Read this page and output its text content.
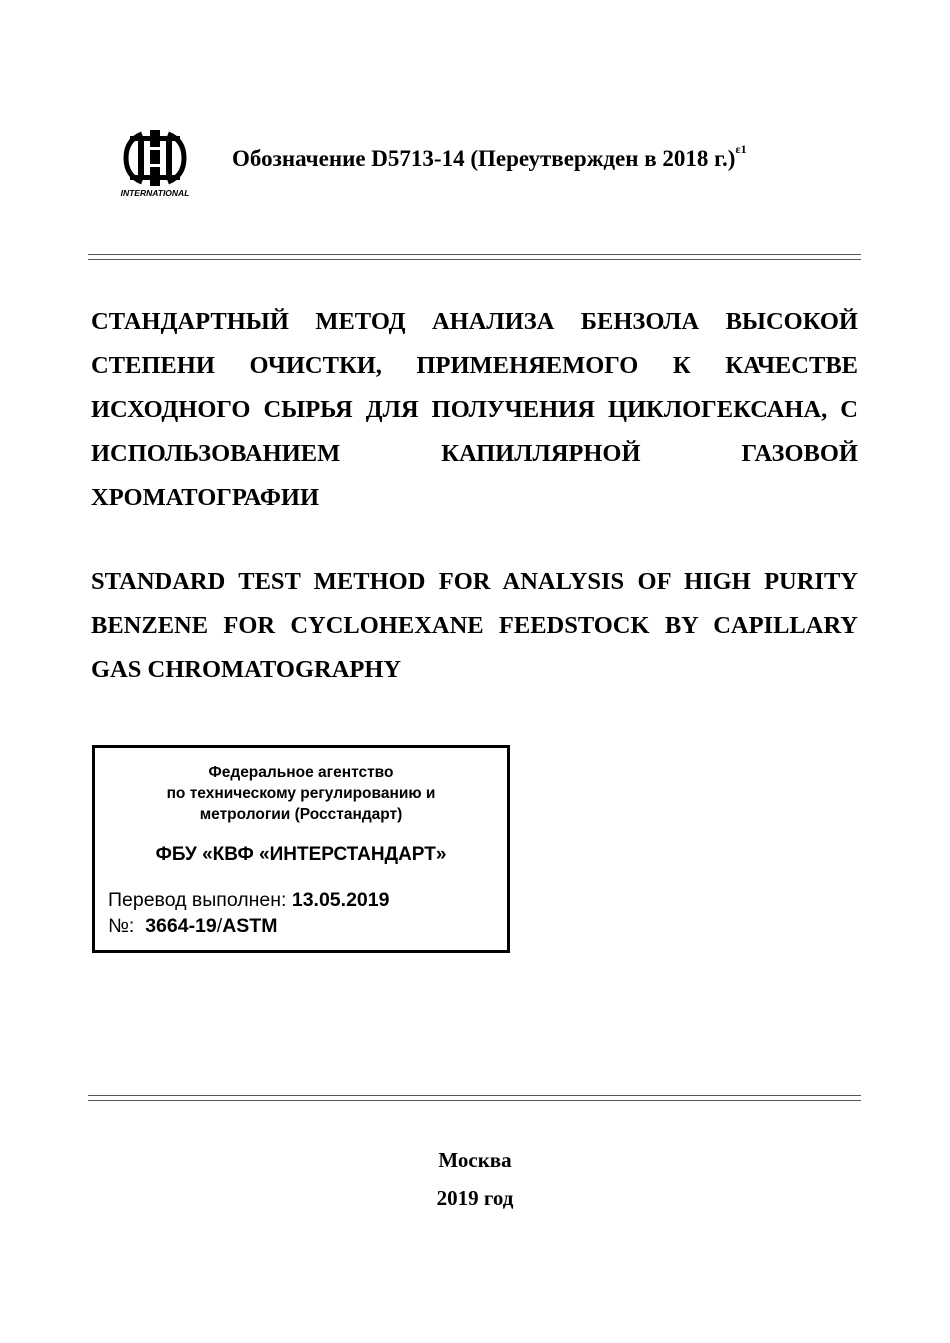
INTERNATIONAL
Обозначение D5713-14 (Переутвержден в 2018 г.)$^{\varepsilon 1}$

СТАНДАРТНЫЙ МЕТОД АНАЛИЗА БЕНЗОЛА ВЫСОКОЙ СТЕПЕНИ ОЧИСТКИ, ПРИМЕНЯЕМОГО К КАЧЕСТВЕ ИСХОДНОГО СЫРЬЯ ДЛЯ ПОЛУЧЕНИЯ ЦИКЛОГЕКСАНА, С ИСПОЛЬЗОВАНИЕМ КАПИЛЛЯРНОЙ ГАЗОВОЙ ХРОМАТОГРАФИИ

STANDARD TEST METHOD FOR ANALYSIS OF HIGH PURITY BENZENE FOR CYCLOHEXANE FEEDSTOCK BY CAPILLARY GAS CHROMATOGRAPHY

Федеральное агентство
по техническому регулированию и
метрологии (Росстандарт)
ФБУ «КВФ «ИНТЕРСТАНДАРТ»
Перевод выполнен: 13.05.2019
№: 3664-19/ASTM
Москва
2019 год
